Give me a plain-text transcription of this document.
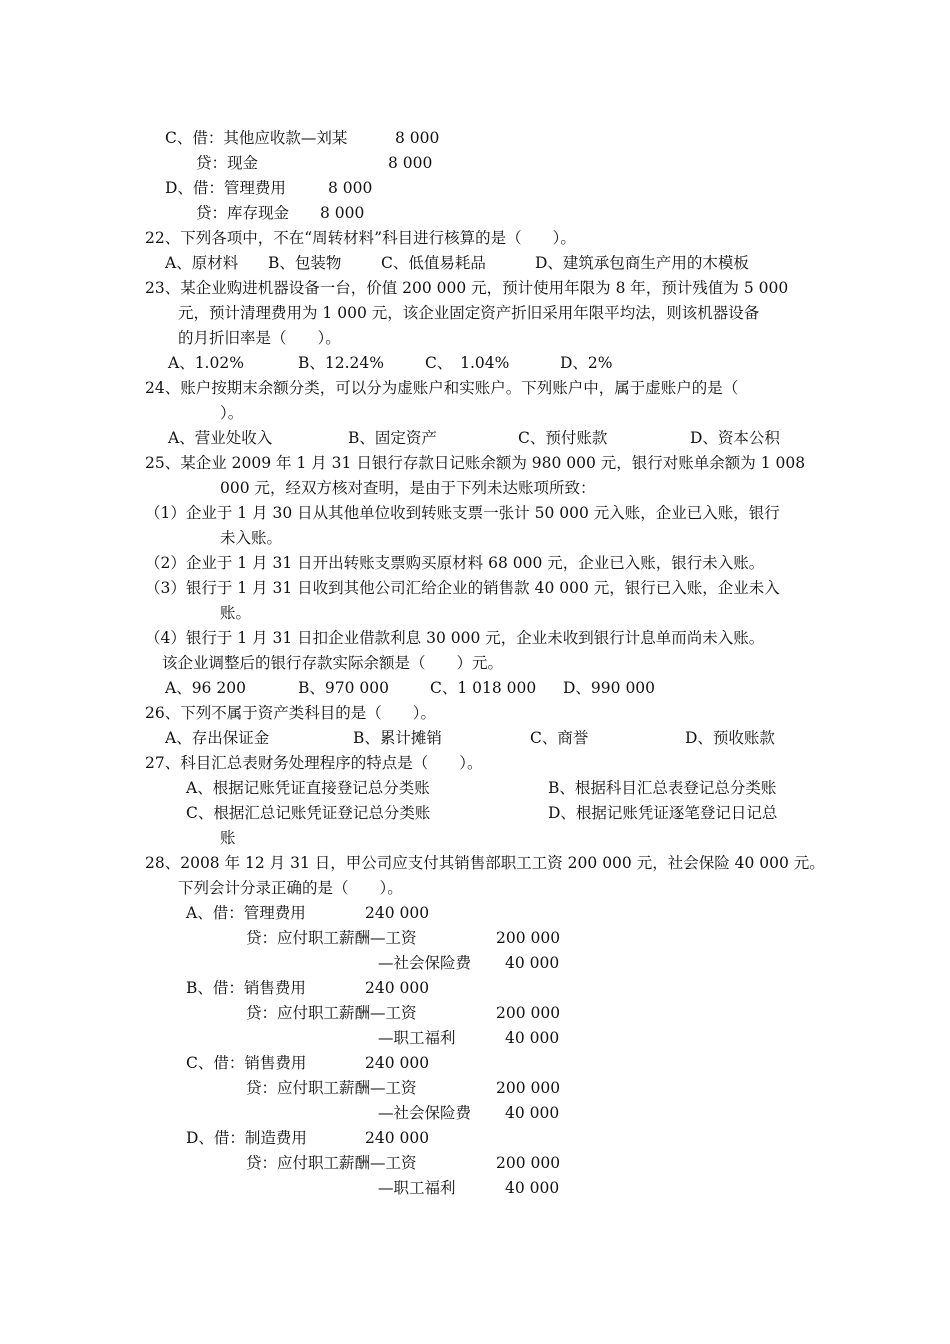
C、借：其他应收款—刘某	8 000
贷：现金	8 000
D、借：管理费用	8 000
贷：库存现金 8 000
22、下列各项中，不在“周转材料”科目进行核算的是（　　）。
A、原材料 B、包装物	C、低值易耗品	D、建筑承包商生产用的木模板
23、某企业购进机器设备一台，价值 200 000 元，预计使用年限为 8 年，预计残值为 5 000
元，预计清理费用为 1 000 元，该企业固定资产折旧采用年限平均法，则该机器设备
的月折旧率是（　　）。
A、1.02%	B、12.24%	C、　1.04%	D、2%
24、账户按期末余额分类，可以分为虚账户和实账户。下列账户中，属于虚账户的是（
）。
A、营业处收入	B、固定资产	C、预付账款	D、资本公积
25、某企业 2009 年 1 月 31 日银行存款日记账余额为 980 000 元，银行对账单余额为 1 008
000 元，经双方核对查明，是由于下列未达账项所致：
（1）企业于 1 月 30 日从其他单位收到转账支票一张计 50 000 元入账，企业已入账，银行
未入账。
（2）企业于 1 月 31 日开出转账支票购买原材料 68 000 元，企业已入账，银行未入账。
（3）银行于 1 月 31 日收到其他公司汇给企业的销售款 40 000 元，银行已入账，企业未入
账。
（4）银行于 1 月 31 日扣企业借款利息 30 000 元，企业未收到银行计息单而尚未入账。
该企业调整后的银行存款实际余额是（　　）元。
A、96 200	B、970 000	C、1 018 000 D、990 000
26、下列不属于资产类科目的是（　　）。
A、存出保证金	B、累计摊销	C、商誉	D、预收账款
27、科目汇总表财务处理程序的特点是（　　）。
A、根据记账凭证直接登记总分类账	B、根据科目汇总表登记总分类账
C、根据汇总记账凭证登记总分类账	D、根据记账凭证逐笔登记日记总
账
28、2008 年 12 月 31 日，甲公司应支付其销售部职工工资 200 000 元，社会保险 40 000 元。
下列会计分录正确的是（　　）。
A、借：管理费用	240 000
贷：应付职工薪酬—工资	200 000
—社会保险费 40 000
B、借：销售费用	240 000
贷：应付职工薪酬—工资	200 000
—职工福利	40 000
C、借：销售费用	240 000
贷：应付职工薪酬—工资	200 000
—社会保险费 40 000
D、借：制造费用	240 000
贷：应付职工薪酬—工资	200 000
—职工福利	40 000
